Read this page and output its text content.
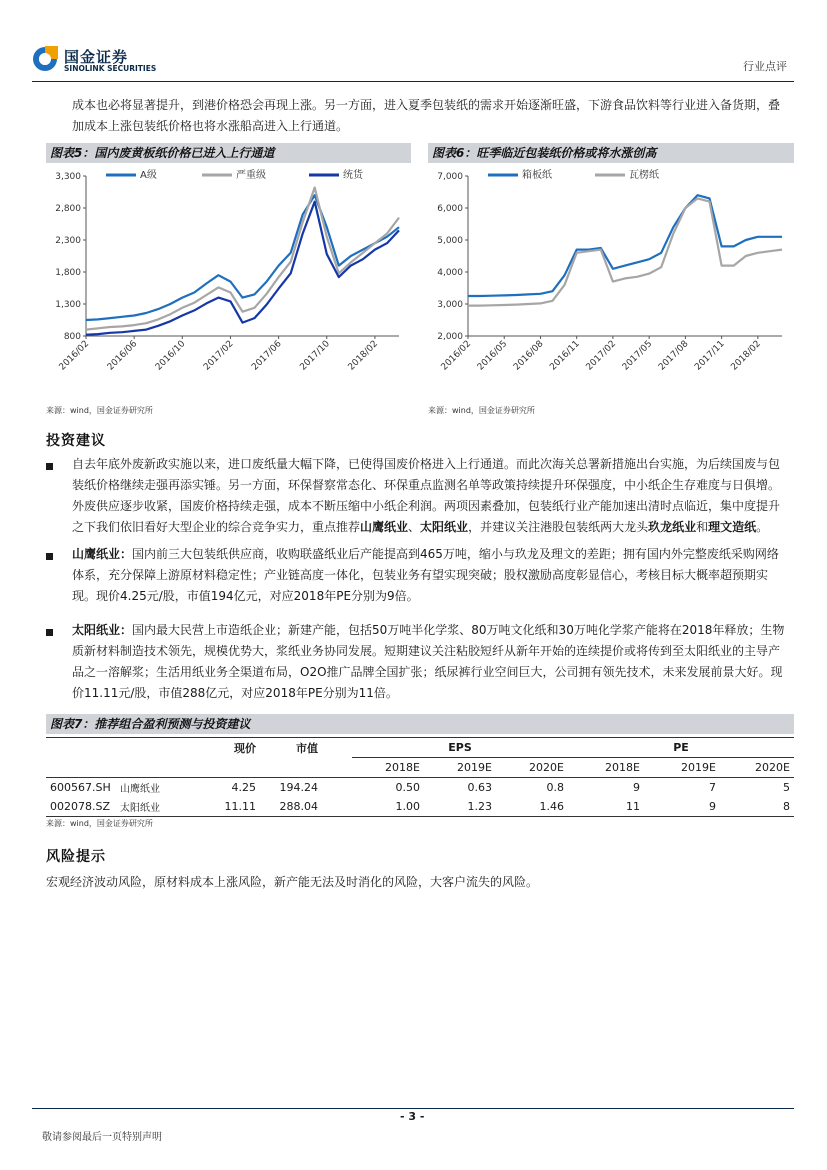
国金证券
SINOLINK SECURITIES	行业点评
成本也必将显著提升，到港价格恐会再现上涨。另一方面，进入夏季包装纸的需求开始逐渐旺盛，下游食品饮料等行业进入备货期，叠加成本上涨包装纸价格也将水涨船高进入上行通道。
图表5：国内废黄板纸价格已进入上行通道
800
1,300
1,800
2,300
2,800
3,300
2016/02 2016/06 2016/10 2017/02 2017/06 2017/10 2018/02
A级	严重级	统货
来源：wind，国金证券研究所
图表6：旺季临近包装纸价格或将水涨创高
2,000
3,000
4,000
5,000
6,000
7,000
2016/02 2016/05 2016/08 2016/11 2017/02 2017/05 2017/08 2017/11 2018/02
箱板纸	瓦楞纸
来源：wind，国金证券研究所
投资建议
自去年底外废新政实施以来，进口废纸量大幅下降，已使得国废价格进入上行通道。而此次海关总署新措施出台实施，为后续国废与包装纸价格继续走强再添实锤。另一方面，环保督察常态化、环保重点监测名单等政策持续提升环保强度，中小纸企生存难度与日俱增。外废供应逐步收紧，国废价格持续走强，成本不断压缩中小纸企利润。两项因素叠加，包装纸行业产能加速出清时点临近，集中度提升之下我们依旧看好大型企业的综合竞争实力，重点推荐山鹰纸业、太阳纸业，并建议关注港股包装纸两大龙头玖龙纸业和理文造纸。
山鹰纸业：国内前三大包装纸供应商，收购联盛纸业后产能提高到465万吨，缩小与玖龙及理文的差距；拥有国内外完整废纸采购网络体系，充分保障上游原材料稳定性；产业链高度一体化，包装业务有望实现突破；股权激励高度彰显信心，考核目标大概率超预期实现。现价4.25元/股，市值194亿元，对应2018年PE分别为9倍。
太阳纸业：国内最大民营上市造纸企业；新建产能，包括50万吨半化学浆、80万吨文化纸和30万吨化学浆产能将在2018年释放；生物质新材料制造技术领先，规模优势大，浆纸业务协同发展。短期建议关注粘胶短纤从新年开始的连续提价或将传到至太阳纸业的主导产品之一溶解浆；生活用纸业务全渠道布局，O2O推广品牌全国扩张；纸尿裤行业空间巨大，公司拥有领先技术，未来发展前景大好。现价11.11元/股，市值288亿元，对应2018年PE分别为11倍。
图表7：推荐组合盈利预测与投资建议
		现价	市值	EPS			PE		
				2018E	2019E	2020E	2018E	2019E	2020E
600567.SH	山鹰纸业	4.25	194.24	0.50	0.63	0.8	9	7	5
002078.SZ	太阳纸业	11.11	288.04	1.00	1.23	1.46	11	9	8
来源：wind，国金证券研究所
风险提示
宏观经济波动风险，原材料成本上涨风险，新产能无法及时消化的风险，大客户流失的风险。
- 3 -
敬请参阅最后一页特别声明
